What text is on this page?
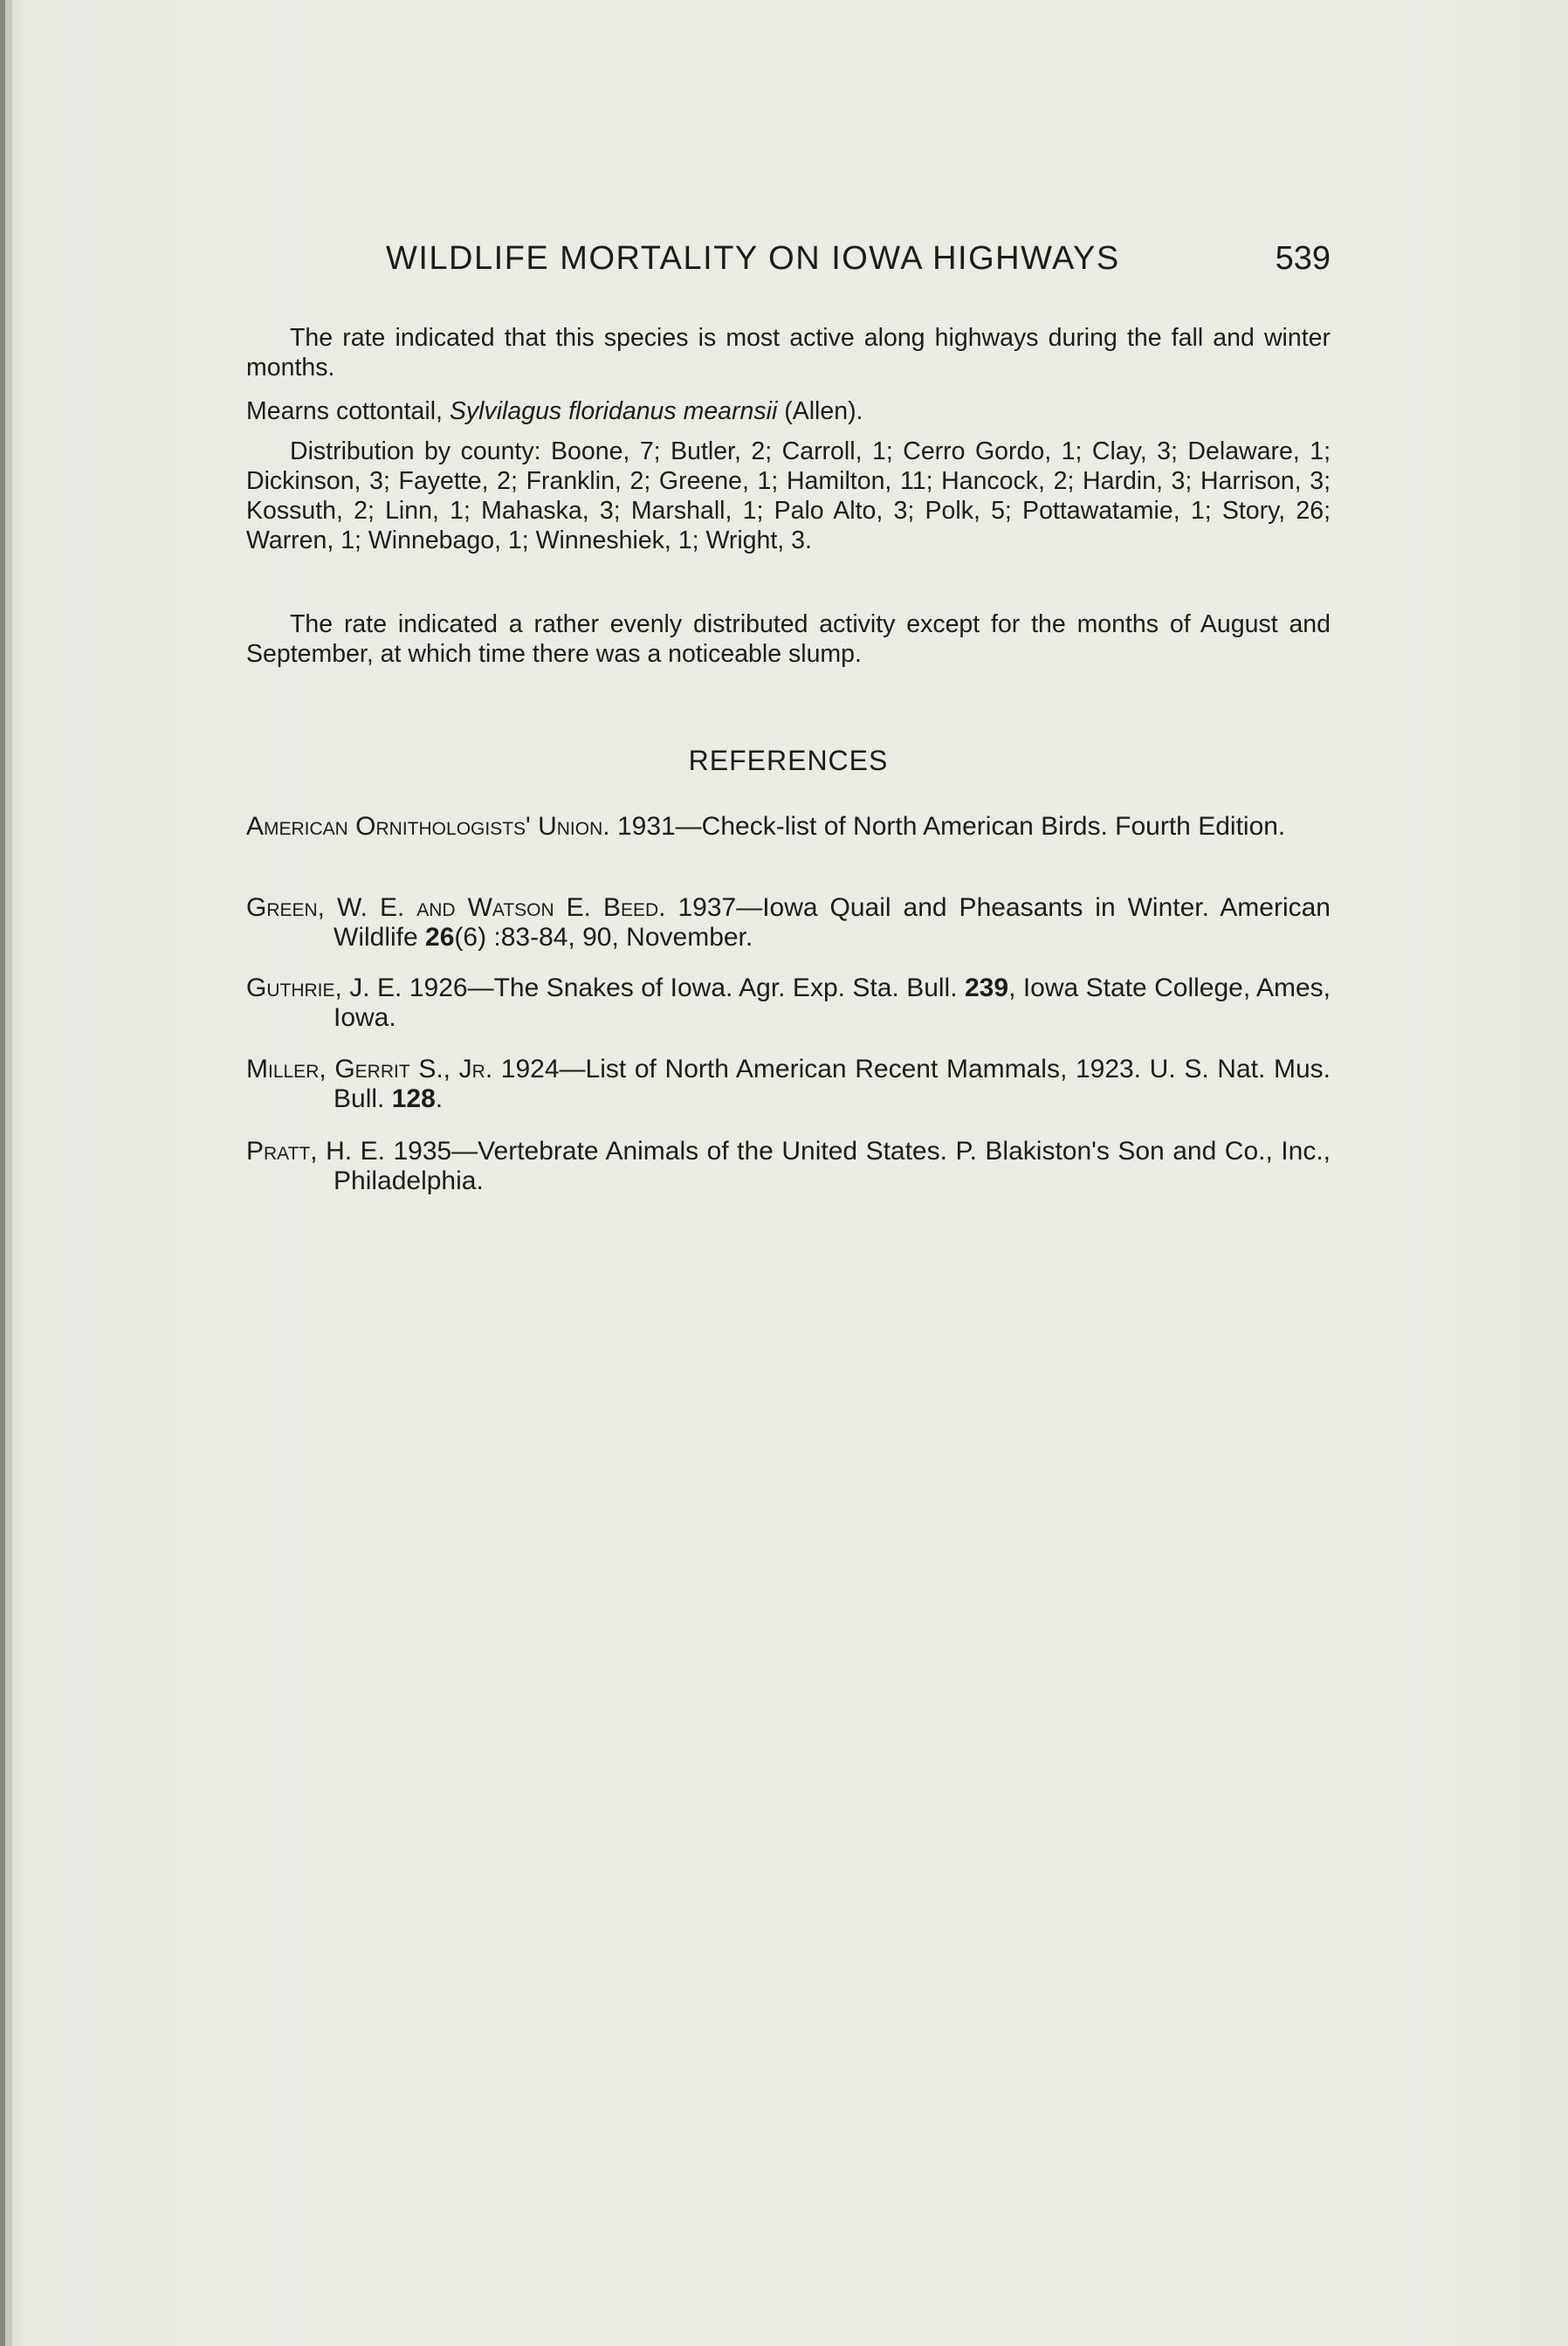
WILDLIFE MORTALITY ON IOWA HIGHWAYS	539

The rate indicated that this species is most active along highways during the fall and winter months.

Mearns cottontail, Sylvilagus floridanus mearnsii (Allen).

Distribution by county: Boone, 7; Butler, 2; Carroll, 1; Cerro Gordo, 1; Clay, 3; Delaware, 1; Dickinson, 3; Fayette, 2; Franklin, 2; Greene, 1; Hamilton, 11; Hancock, 2; Hardin, 3; Harrison, 3; Kossuth, 2; Linn, 1; Mahaska, 3; Marshall, 1; Palo Alto, 3; Polk, 5; Pottawatamie, 1; Story, 26; Warren, 1; Winnebago, 1; Winneshiek, 1; Wright, 3.

The rate indicated a rather evenly distributed activity except for the months of August and September, at which time there was a noticeable slump.

REFERENCES
American Ornithologists' Union. 1931—Check-list of North American Birds. Fourth Edition.
Green, W. E. and Watson E. Beed. 1937—Iowa Quail and Pheasants in Winter. American Wildlife 26(6) :83-84, 90, November.
Guthrie, J. E. 1926—The Snakes of Iowa. Agr. Exp. Sta. Bull. 239, Iowa State College, Ames, Iowa.
Miller, Gerrit S., Jr. 1924—List of North American Recent Mammals, 1923. U. S. Nat. Mus. Bull. 128.
Pratt, H. E. 1935—Vertebrate Animals of the United States. P. Blakiston's Son and Co., Inc., Philadelphia.
